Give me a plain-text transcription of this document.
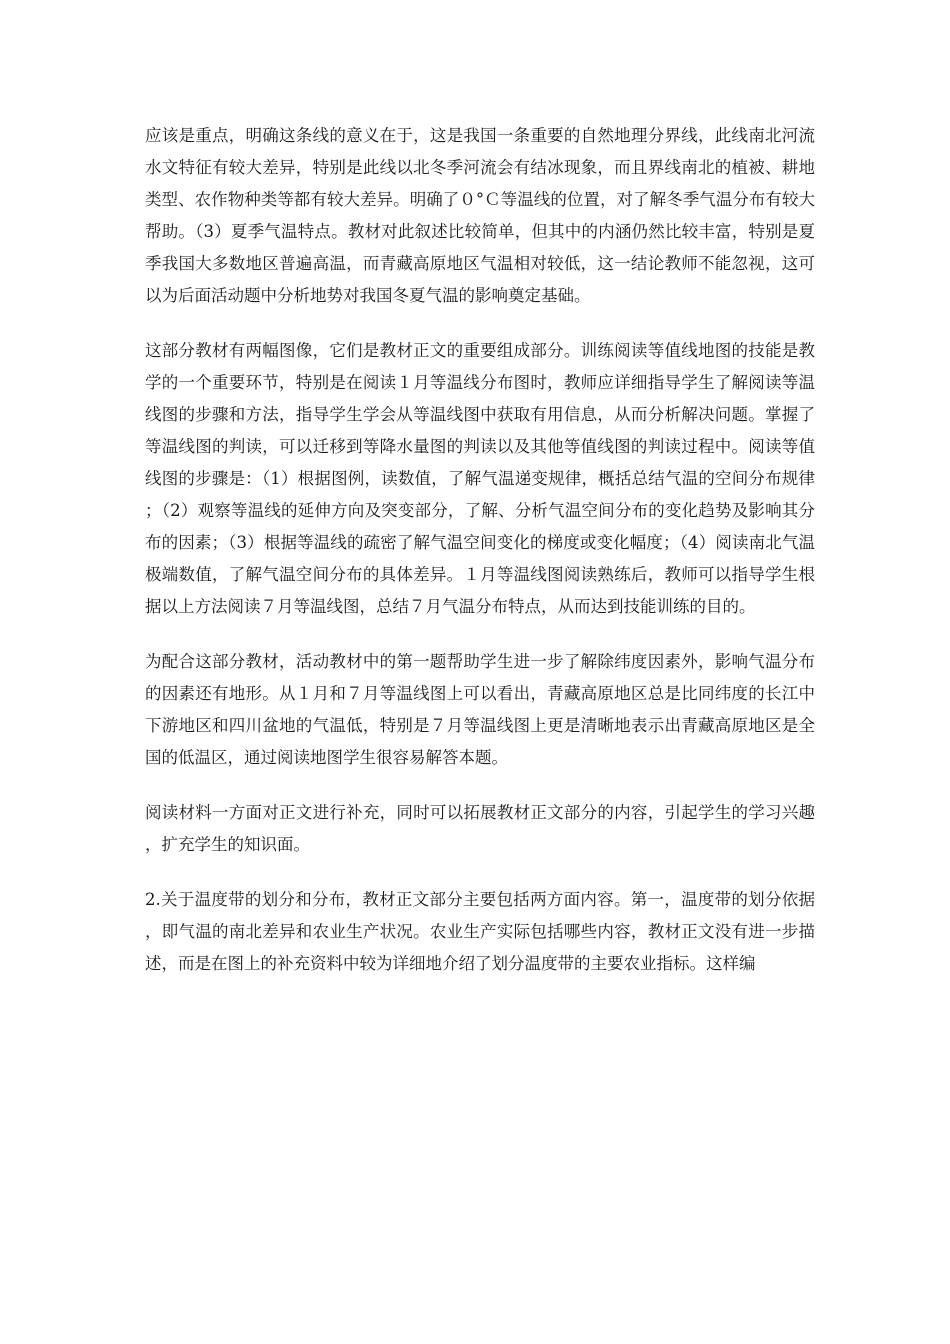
应该是重点，明确这条线的意义在于，这是我国一条重要的自然地理分界线，此线南北河流水文特征有较大差异，特别是此线以北冬季河流会有结冰现象，而且界线南北的植被、耕地类型、农作物种类等都有较大差异。明确了０°Ｃ等温线的位置，对了解冬季气温分布有较大帮助。（3）夏季气温特点。教材对此叙述比较简单，但其中的内涵仍然比较丰富，特别是夏季我国大多数地区普遍高温，而青藏高原地区气温相对较低，这一结论教师不能忽视，这可以为后面活动题中分析地势对我国冬夏气温的影响奠定基础。

这部分教材有两幅图像，它们是教材正文的重要组成部分。训练阅读等值线地图的技能是教学的一个重要环节，特别是在阅读１月等温线分布图时，教师应详细指导学生了解阅读等温线图的步骤和方法，指导学生学会从等温线图中获取有用信息，从而分析解决问题。掌握了等温线图的判读，可以迁移到等降水量图的判读以及其他等值线图的判读过程中。阅读等值线图的步骤是：（1）根据图例，读数值，了解气温递变规律，概括总结气温的空间分布规律；（2）观察等温线的延伸方向及突变部分，了解、分析气温空间分布的变化趋势及影响其分布的因素；（3）根据等温线的疏密了解气温空间变化的梯度或变化幅度；（4）阅读南北气温极端数值，了解气温空间分布的具体差异。１月等温线图阅读熟练后，教师可以指导学生根据以上方法阅读７月等温线图，总结７月气温分布特点，从而达到技能训练的目的。

为配合这部分教材，活动教材中的第一题帮助学生进一步了解除纬度因素外，影响气温分布的因素还有地形。从１月和７月等温线图上可以看出，青藏高原地区总是比同纬度的长江中下游地区和四川盆地的气温低，特别是７月等温线图上更是清晰地表示出青藏高原地区是全国的低温区，通过阅读地图学生很容易解答本题。

阅读材料一方面对正文进行补充，同时可以拓展教材正文部分的内容，引起学生的学习兴趣，扩充学生的知识面。

2.关于温度带的划分和分布，教材正文部分主要包括两方面内容。第一，温度带的划分依据，即气温的南北差异和农业生产状况。农业生产实际包括哪些内容，教材正文没有进一步描述，而是在图上的补充资料中较为详细地介绍了划分温度带的主要农业指标。这样编
